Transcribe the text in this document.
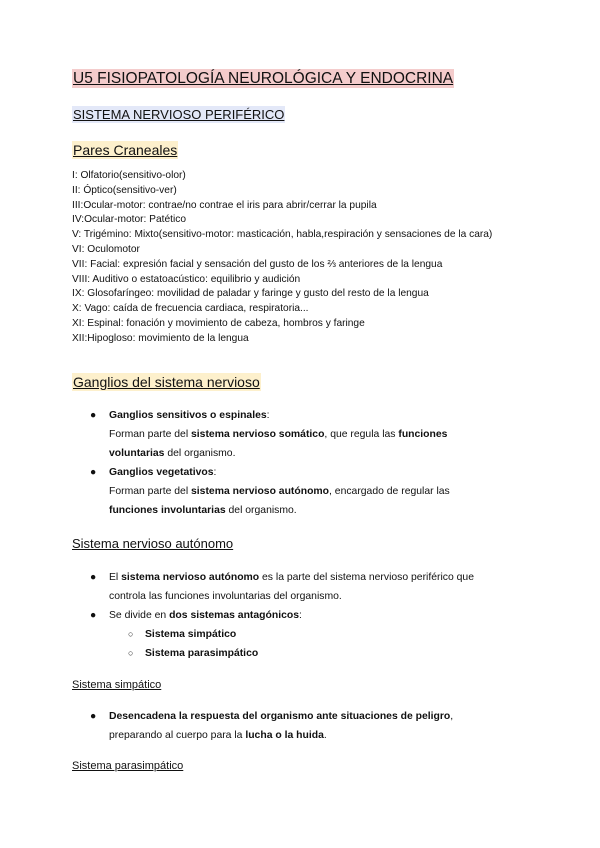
U5 FISIOPATOLOGÍA NEUROLÓGICA Y ENDOCRINA
SISTEMA NERVIOSO PERIFÉRICO
Pares Craneales
I: Olfatorio(sensitivo-olor)
II: Óptico(sensitivo-ver)
III:Ocular-motor: contrae/no contrae el iris para abrir/cerrar la pupila
IV:Ocular-motor: Patético
V: Trigémino: Mixto(sensitivo-motor: masticación, habla,respiración y sensaciones de la cara)
VI: Oculomotor
VII: Facial: expresión facial y sensación del gusto de los ⅔ anteriores de la lengua
VIII: Auditivo o estatoacústico: equilibrio y audición
IX: Glosofaríngeo: movilidad de paladar y faringe y gusto del resto de la lengua
X: Vago: caída de frecuencia cardiaca, respiratoria...
XI: Espinal: fonación y movimiento de cabeza, hombros y faringe
XII:Hipogloso: movimiento de la lengua
Ganglios del sistema nervioso
● Ganglios sensitivos o espinales:
Forman parte del sistema nervioso somático, que regula las funciones
voluntarias del organismo.
● Ganglios vegetativos:
Forman parte del sistema nervioso autónomo, encargado de regular las
funciones involuntarias del organismo.
Sistema nervioso autónomo
● El sistema nervioso autónomo es la parte del sistema nervioso periférico que
controla las funciones involuntarias del organismo.
● Se divide en dos sistemas antagónicos:
○ Sistema simpático
○ Sistema parasimpático
Sistema simpático
● Desencadena la respuesta del organismo ante situaciones de peligro,
preparando al cuerpo para la lucha o la huida.
Sistema parasimpático
